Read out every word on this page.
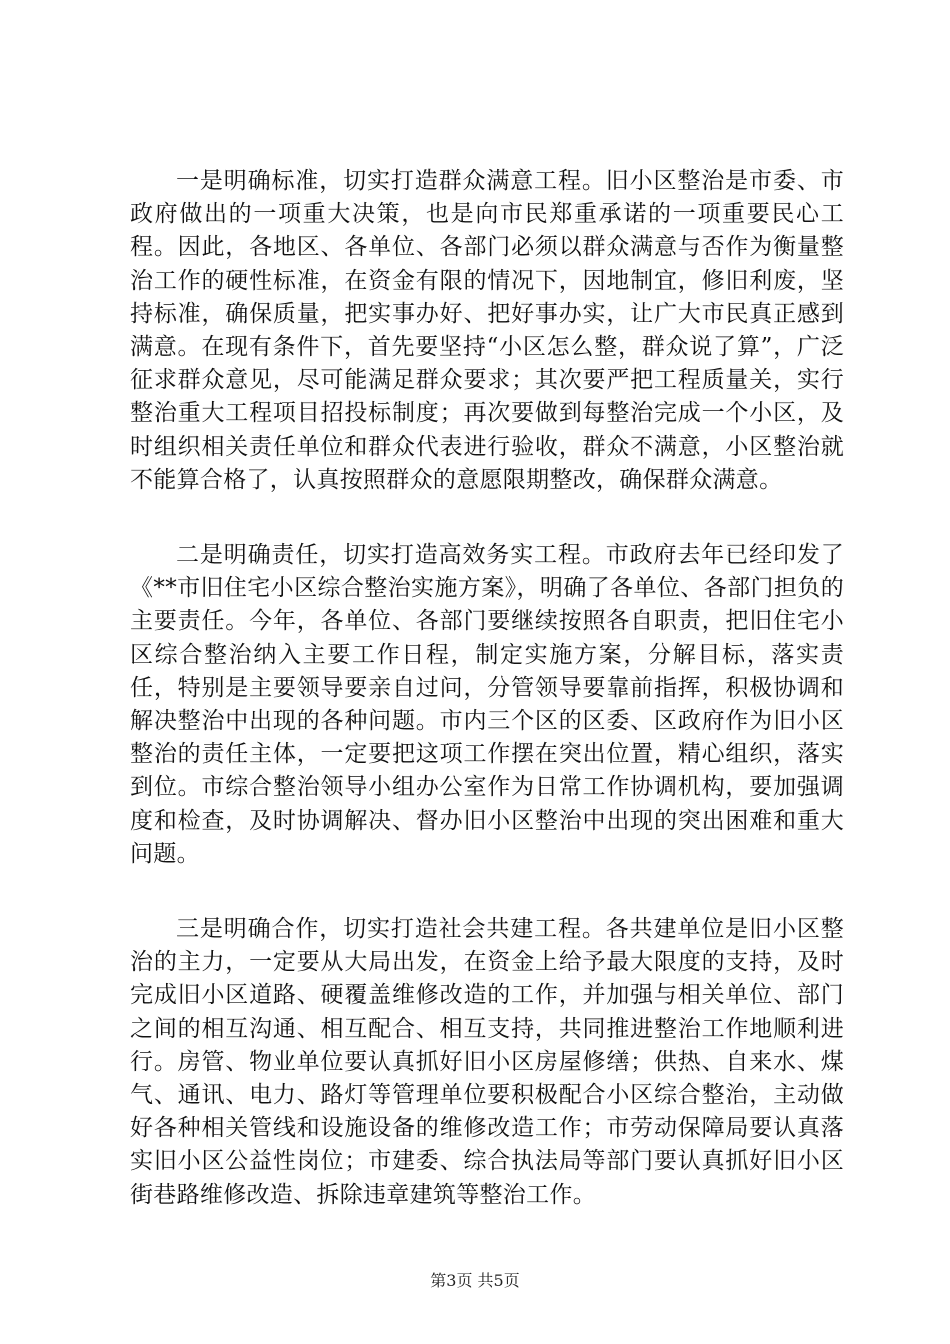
一是明确标准，切实打造群众满意工程。旧小区整治是市委、市政府做出的一项重大决策，也是向市民郑重承诺的一项重要民心工程。因此，各地区、各单位、各部门必须以群众满意与否作为衡量整治工作的硬性标准，在资金有限的情况下，因地制宜，修旧利废，坚持标准，确保质量，把实事办好、把好事办实，让广大市民真正感到满意。在现有条件下，首先要坚持“小区怎么整，群众说了算”，广泛征求群众意见，尽可能满足群众要求；其次要严把工程质量关，实行整治重大工程项目招投标制度；再次要做到每整治完成一个小区，及时组织相关责任单位和群众代表进行验收，群众不满意，小区整治就不能算合格了，认真按照群众的意愿限期整改，确保群众满意。

二是明确责任，切实打造高效务实工程。市政府去年已经印发了《**市旧住宅小区综合整治实施方案》，明确了各单位、各部门担负的主要责任。今年，各单位、各部门要继续按照各自职责，把旧住宅小区综合整治纳入主要工作日程，制定实施方案，分解目标，落实责任，特别是主要领导要亲自过问，分管领导要靠前指挥，积极协调和解决整治中出现的各种问题。市内三个区的区委、区政府作为旧小区整治的责任主体，一定要把这项工作摆在突出位置，精心组织，落实到位。市综合整治领导小组办公室作为日常工作协调机构，要加强调度和检查，及时协调解决、督办旧小区整治中出现的突出困难和重大问题。

三是明确合作，切实打造社会共建工程。各共建单位是旧小区整治的主力，一定要从大局出发，在资金上给予最大限度的支持，及时完成旧小区道路、硬覆盖维修改造的工作，并加强与相关单位、部门之间的相互沟通、相互配合、相互支持，共同推进整治工作地顺利进行。房管、物业单位要认真抓好旧小区房屋修缮；供热、自来水、煤气、通讯、电力、路灯等管理单位要积极配合小区综合整治，主动做好各种相关管线和设施设备的维修改造工作；市劳动保障局要认真落实旧小区公益性岗位；市建委、综合执法局等部门要认真抓好旧小区街巷路维修改造、拆除违章建筑等整治工作。

第3页 共5页
